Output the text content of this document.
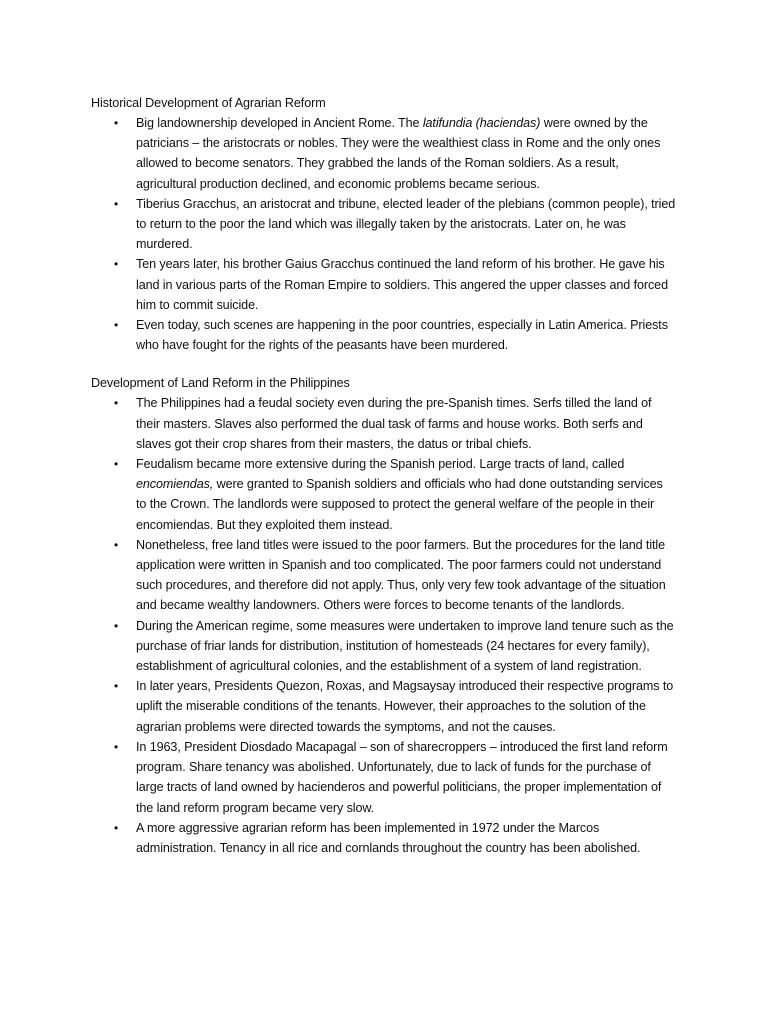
Historical Development of Agrarian Reform
• Big landownership developed in Ancient Rome. The latifundia (haciendas) were owned by the patricians – the aristocrats or nobles. They were the wealthiest class in Rome and the only ones allowed to become senators. They grabbed the lands of the Roman soldiers. As a result, agricultural production declined, and economic problems became serious.
• Tiberius Gracchus, an aristocrat and tribune, elected leader of the plebians (common people), tried to return to the poor the land which was illegally taken by the aristocrats. Later on, he was murdered.
• Ten years later, his brother Gaius Gracchus continued the land reform of his brother. He gave his land in various parts of the Roman Empire to soldiers. This angered the upper classes and forced him to commit suicide.
• Even today, such scenes are happening in the poor countries, especially in Latin America. Priests who have fought for the rights of the peasants have been murdered.
Development of Land Reform in the Philippines
• The Philippines had a feudal society even during the pre-Spanish times. Serfs tilled the land of their masters. Slaves also performed the dual task of farms and house works. Both serfs and slaves got their crop shares from their masters, the datus or tribal chiefs.
• Feudalism became more extensive during the Spanish period. Large tracts of land, called encomiendas, were granted to Spanish soldiers and officials who had done outstanding services to the Crown. The landlords were supposed to protect the general welfare of the people in their encomiendas. But they exploited them instead.
• Nonetheless, free land titles were issued to the poor farmers. But the procedures for the land title application were written in Spanish and too complicated. The poor farmers could not understand such procedures, and therefore did not apply. Thus, only very few took advantage of the situation and became wealthy landowners. Others were forces to become tenants of the landlords.
• During the American regime, some measures were undertaken to improve land tenure such as the purchase of friar lands for distribution, institution of homesteads (24 hectares for every family), establishment of agricultural colonies, and the establishment of a system of land registration.
• In later years, Presidents Quezon, Roxas, and Magsaysay introduced their respective programs to uplift the miserable conditions of the tenants. However, their approaches to the solution of the agrarian problems were directed towards the symptoms, and not the causes.
• In 1963, President Diosdado Macapagal – son of sharecroppers – introduced the first land reform program. Share tenancy was abolished. Unfortunately, due to lack of funds for the purchase of large tracts of land owned by hacienderos and powerful politicians, the proper implementation of the land reform program became very slow.
• A more aggressive agrarian reform has been implemented in 1972 under the Marcos administration. Tenancy in all rice and cornlands throughout the country has been abolished.
